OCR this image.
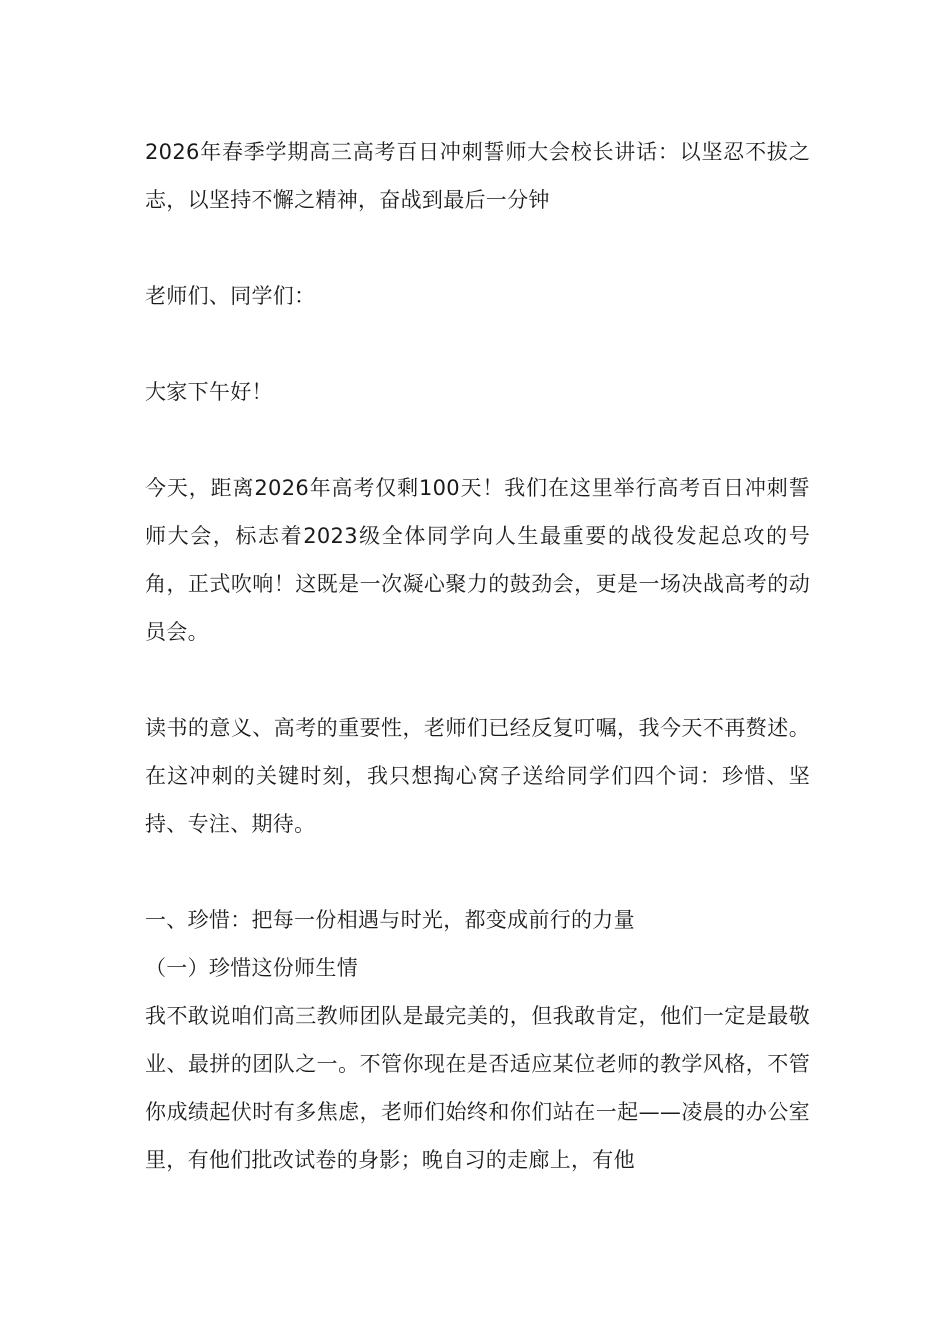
2026年春季学期高三高考百日冲刺誓师大会校长讲话：以坚忍不拔之志，以坚持不懈之精神，奋战到最后一分钟

老师们、同学们：

大家下午好！

今天，距离2026年高考仅剩100天！我们在这里举行高考百日冲刺誓师大会，标志着2023级全体同学向人生最重要的战役发起总攻的号角，正式吹响！这既是一次凝心聚力的鼓劲会，更是一场决战高考的动员会。

读书的意义、高考的重要性，老师们已经反复叮嘱，我今天不再赘述。在这冲刺的关键时刻，我只想掏心窝子送给同学们四个词：珍惜、坚持、专注、期待。

一、珍惜：把每一份相遇与时光，都变成前行的力量

（一）珍惜这份师生情

我不敢说咱们高三教师团队是最完美的，但我敢肯定，他们一定是最敬业、最拼的团队之一。不管你现在是否适应某位老师的教学风格，不管你成绩起伏时有多焦虑，老师们始终和你们站在一起——凌晨的办公室里，有他们批改试卷的身影；晚自习的走廊上，有他
